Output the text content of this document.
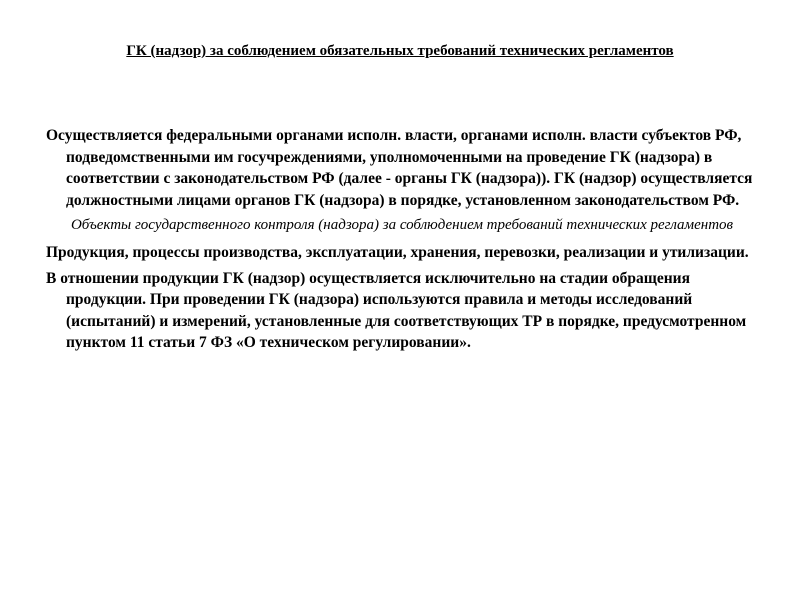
ГК (надзор) за соблюдением обязательных требований технических регламентов

Осуществляется федеральными органами исполн. власти, органами исполн. власти субъектов РФ, подведомственными им госучреждениями, уполномоченными на проведение ГК (надзора) в соответствии с законодательством РФ (далее - органы ГК (надзора)). ГК (надзор) осуществляется должностными лицами органов ГК (надзора) в порядке, установленном законодательством РФ.

Объекты государственного контроля (надзора) за соблюдением требований технических регламентов

Продукция, процессы производства, эксплуатации, хранения, перевозки, реализации и утилизации.

В отношении продукции ГК (надзор) осуществляется исключительно на стадии обращения продукции. При проведении ГК (надзора) используются правила и методы исследований (испытаний) и измерений, установленные для соответствующих ТР в порядке, предусмотренном пунктом 11 статьи 7 ФЗ «О техническом регулировании».
